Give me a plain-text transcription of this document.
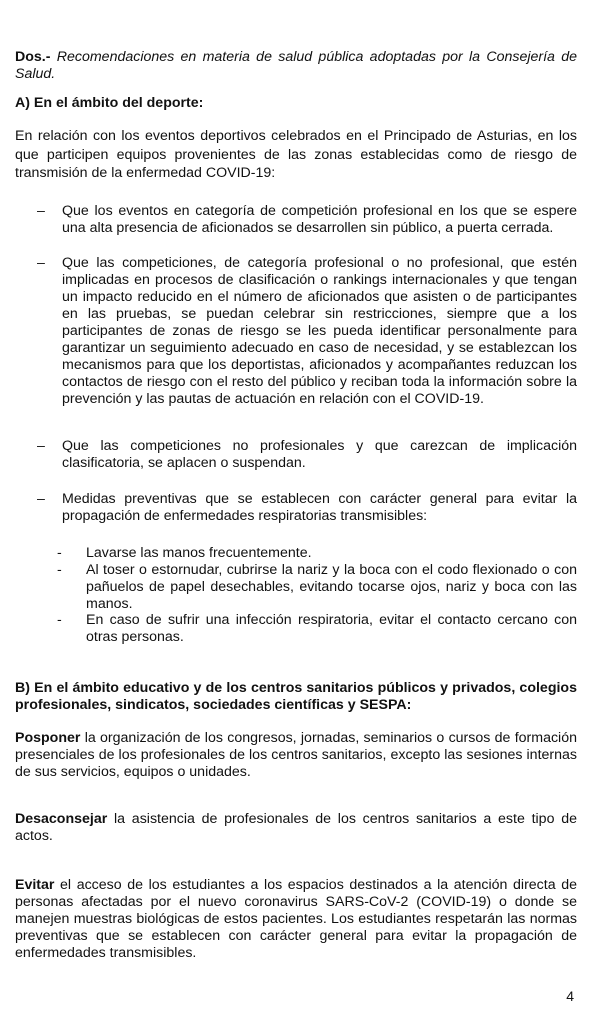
Dos.- Recomendaciones en materia de salud pública adoptadas por la Consejería de Salud.

A) En el ámbito del deporte:

En relación con los eventos deportivos celebrados en el Principado de Asturias, en los que participen equipos provenientes de las zonas establecidas como de riesgo de transmisión de la enfermedad COVID-19:

–	Que los eventos en categoría de competición profesional en los que se espere una alta presencia de aficionados se desarrollen sin público, a puerta cerrada.

–	Que las competiciones, de categoría profesional o no profesional, que estén implicadas en procesos de clasificación o rankings internacionales y que tengan un impacto reducido en el número de aficionados que asisten o de participantes en las pruebas, se puedan celebrar sin restricciones, siempre que a los participantes de zonas de riesgo se les pueda identificar personalmente para garantizar un seguimiento adecuado en caso de necesidad, y se establezcan los mecanismos para que los deportistas, aficionados y acompañantes reduzcan los contactos de riesgo con el resto del público y reciban toda la información sobre la prevención y las pautas de actuación en relación con el COVID-19.

–	Que las competiciones no profesionales y que carezcan de implicación clasificatoria, se aplacen o suspendan.

–	Medidas preventivas que se establecen con carácter general para evitar la propagación de enfermedades respiratorias transmisibles:

-	Lavarse las manos frecuentemente.

-	Al toser o estornudar, cubrirse la nariz y la boca con el codo flexionado o con pañuelos de papel desechables, evitando tocarse ojos, nariz y boca con las manos.

-	En caso de sufrir una infección respiratoria, evitar el contacto cercano con otras personas.

B) En el ámbito educativo y de los centros sanitarios públicos y privados, colegios profesionales, sindicatos, sociedades científicas y SESPA:

Posponer la organización de los congresos, jornadas, seminarios o cursos de formación presenciales de los profesionales de los centros sanitarios, excepto las sesiones internas de sus servicios, equipos o unidades.

Desaconsejar la asistencia de profesionales de los centros sanitarios a este tipo de actos.

Evitar el acceso de los estudiantes a los espacios destinados a la atención directa de personas afectadas por el nuevo coronavirus SARS-CoV-2 (COVID-19) o donde se manejen muestras biológicas de estos pacientes. Los estudiantes respetarán las normas preventivas que se establecen con carácter general para evitar la propagación de enfermedades transmisibles.

4
